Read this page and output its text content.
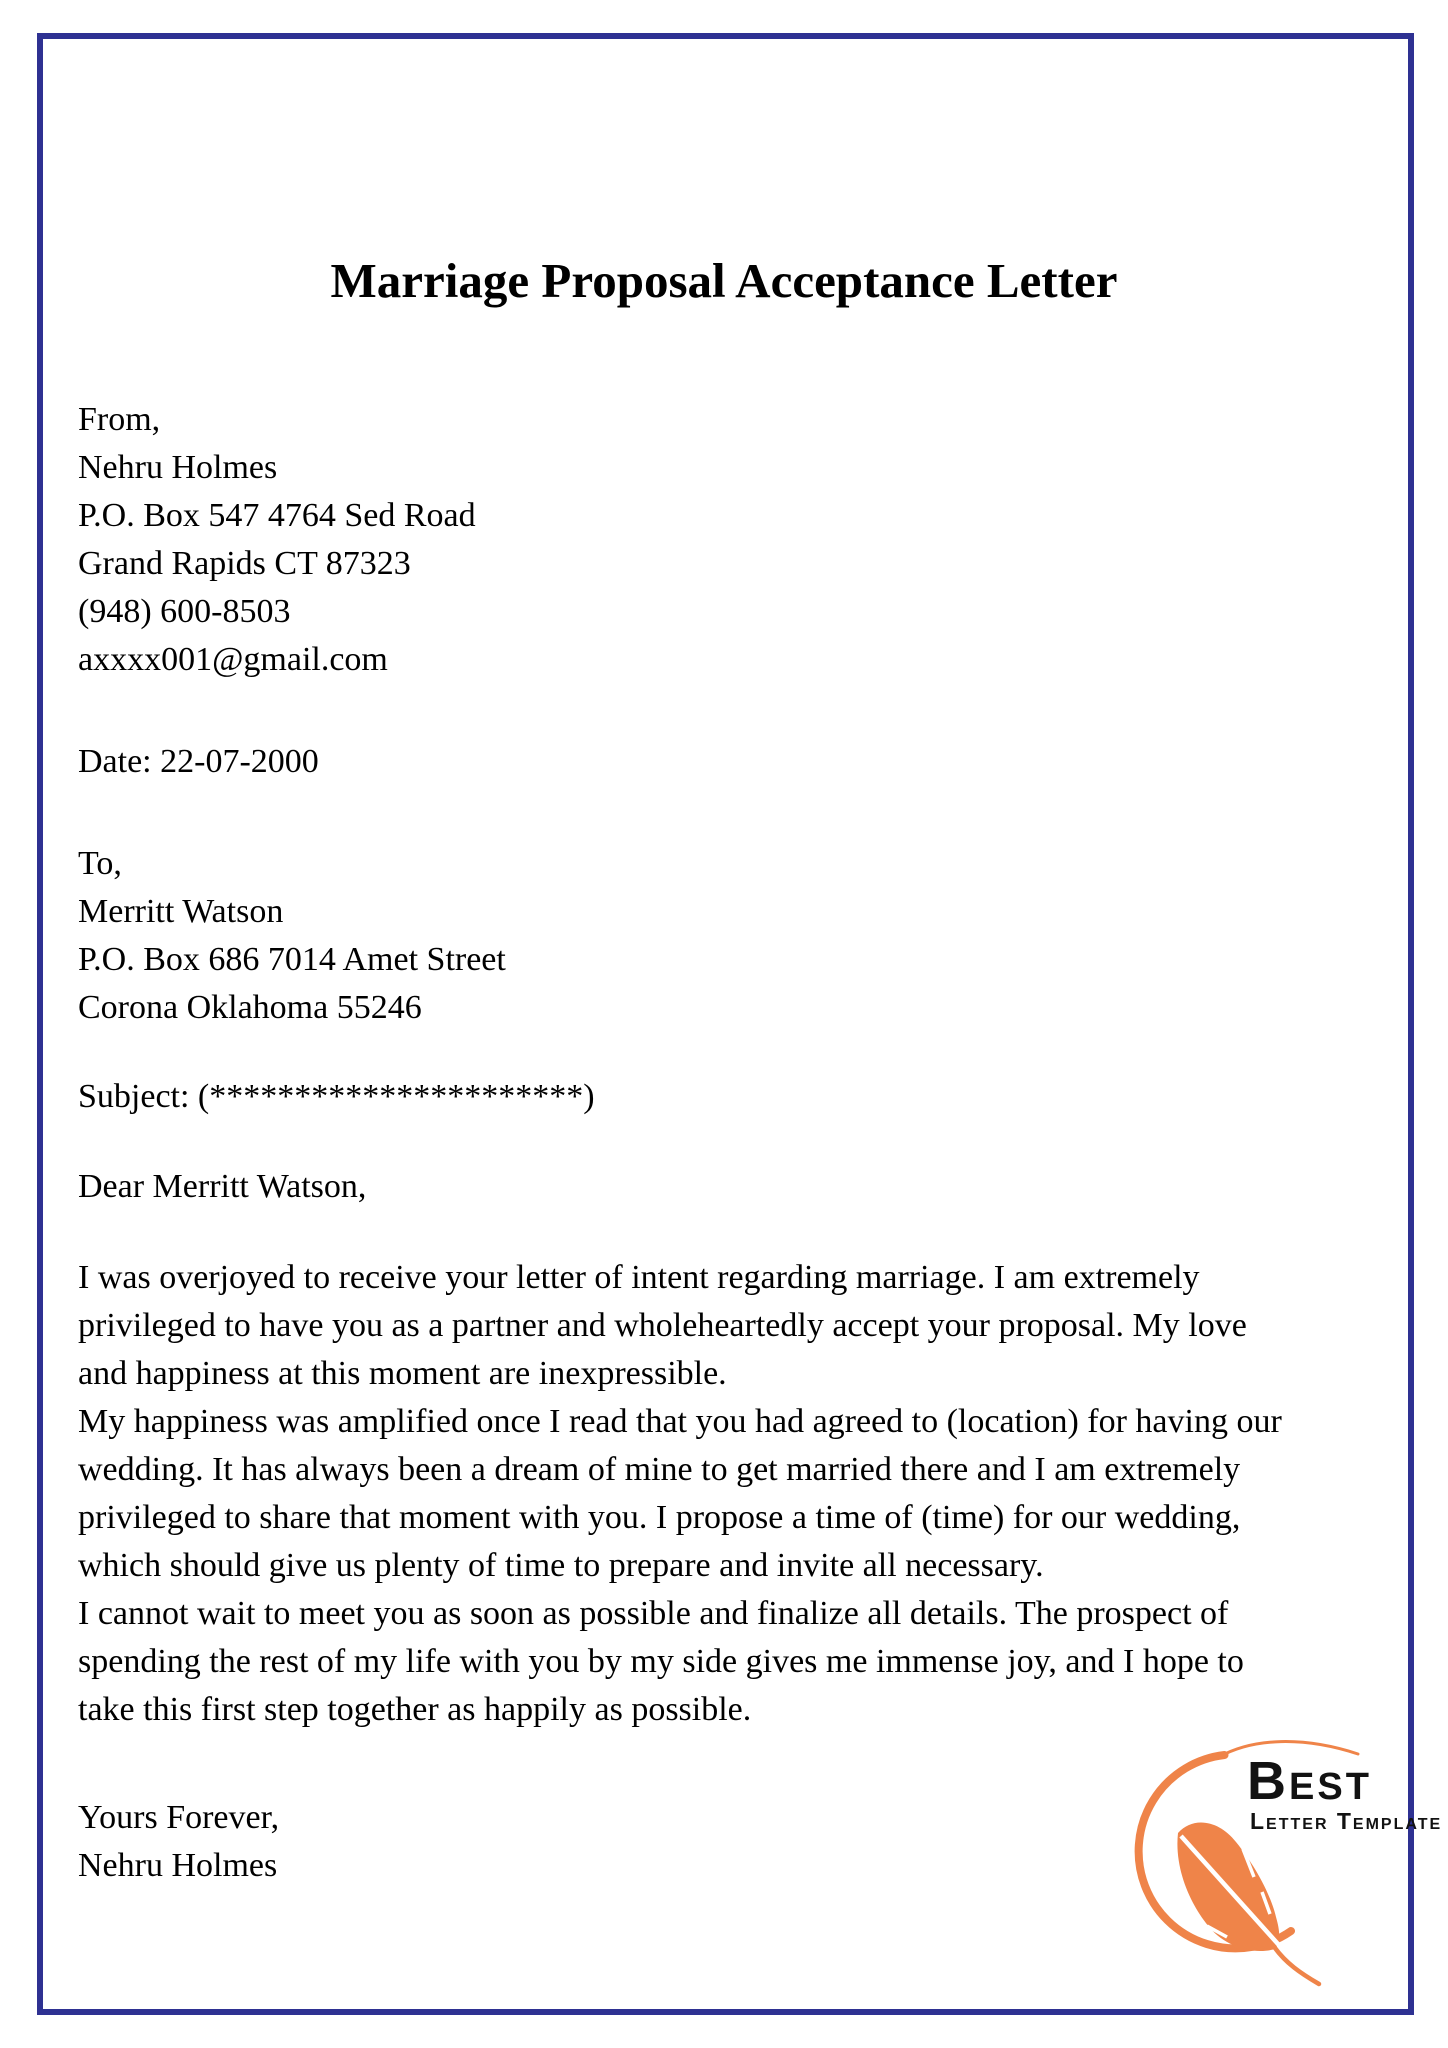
Marriage Proposal Acceptance Letter
From,
Nehru Holmes
P.O. Box 547 4764 Sed Road
Grand Rapids CT 87323
(948) 600-8503
axxxx001@gmail.com
Date: 22-07-2000
To,
Merritt Watson
P.O. Box 686 7014 Amet Street
Corona Oklahoma 55246
Subject: (**********************)
Dear Merritt Watson,
I was overjoyed to receive your letter of intent regarding marriage. I am extremely
privileged to have you as a partner and wholeheartedly accept your proposal. My love
and happiness at this moment are inexpressible.
My happiness was amplified once I read that you had agreed to (location) for having our
wedding. It has always been a dream of mine to get married there and I am extremely
privileged to share that moment with you. I propose a time of (time) for our wedding,
which should give us plenty of time to prepare and invite all necessary.
I cannot wait to meet you as soon as possible and finalize all details. The prospect of
spending the rest of my life with you by my side gives me immense joy, and I hope to
take this first step together as happily as possible.
Yours Forever,
Nehru Holmes
Best
Letter Template
